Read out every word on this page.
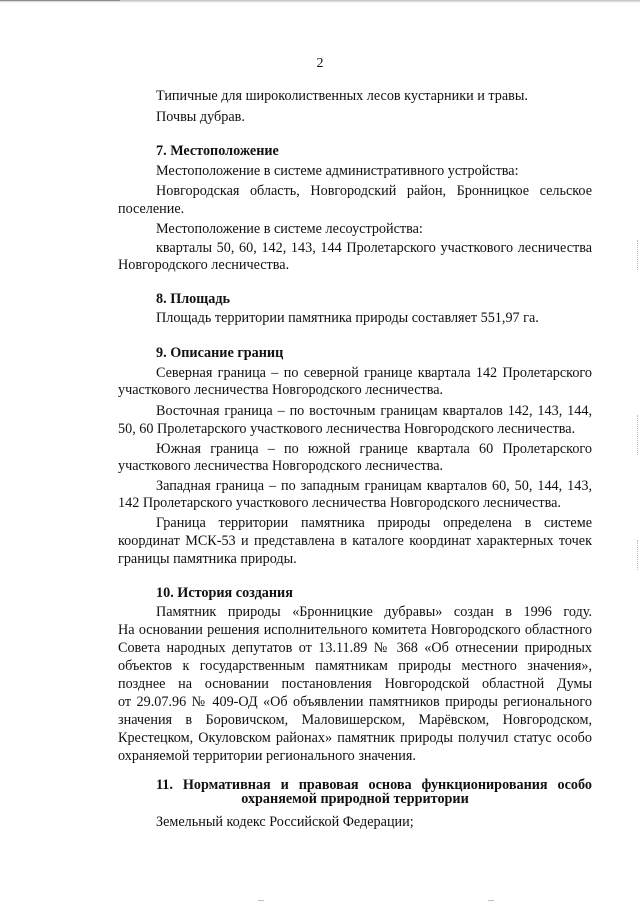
2
Типичные для широколиственных лесов кустарники и травы.
Почвы дубрав.
7. Местоположение
Местоположение в системе административного устройства:
Новгородская область, Новгородский район, Бронницкое сельское
поселение.
Местоположение в системе лесоустройства:
кварталы 50, 60, 142, 143, 144 Пролетарского участкового лесничества
Новгородского лесничества.
8. Площадь
Площадь территории памятника природы составляет 551,97 га.
9. Описание границ
Северная граница – по северной границе квартала 142 Пролетарского
участкового лесничества Новгородского лесничества.
Восточная граница – по восточным границам кварталов 142, 143, 144,
50, 60 Пролетарского участкового лесничества Новгородского лесничества.
Южная граница – по южной границе квартала 60 Пролетарского
участкового лесничества Новгородского лесничества.
Западная граница – по западным границам кварталов 60, 50, 144, 143,
142 Пролетарского участкового лесничества Новгородского лесничества.
Граница территории памятника природы определена в системе
координат МСК-53 и представлена в каталоге координат характерных точек
границы памятника природы.
10. История создания
Памятник природы «Бронницкие дубравы» создан в 1996 году.
На основании решения исполнительного комитета Новгородского областного
Совета народных депутатов от 13.11.89 № 368 «Об отнесении природных
объектов к государственным памятникам природы местного значения»,
позднее на основании постановления Новгородской областной Думы
от 29.07.96 № 409-ОД «Об объявлении памятников природы регионального
значения в Боровичском, Маловишерском, Марёвском, Новгородском,
Крестецком, Окуловском районах» памятник природы получил статус особо
охраняемой территории регионального значения.
11. Нормативная и правовая основа функционирования особо
охраняемой природной территории
Земельный кодекс Российской Федерации;
